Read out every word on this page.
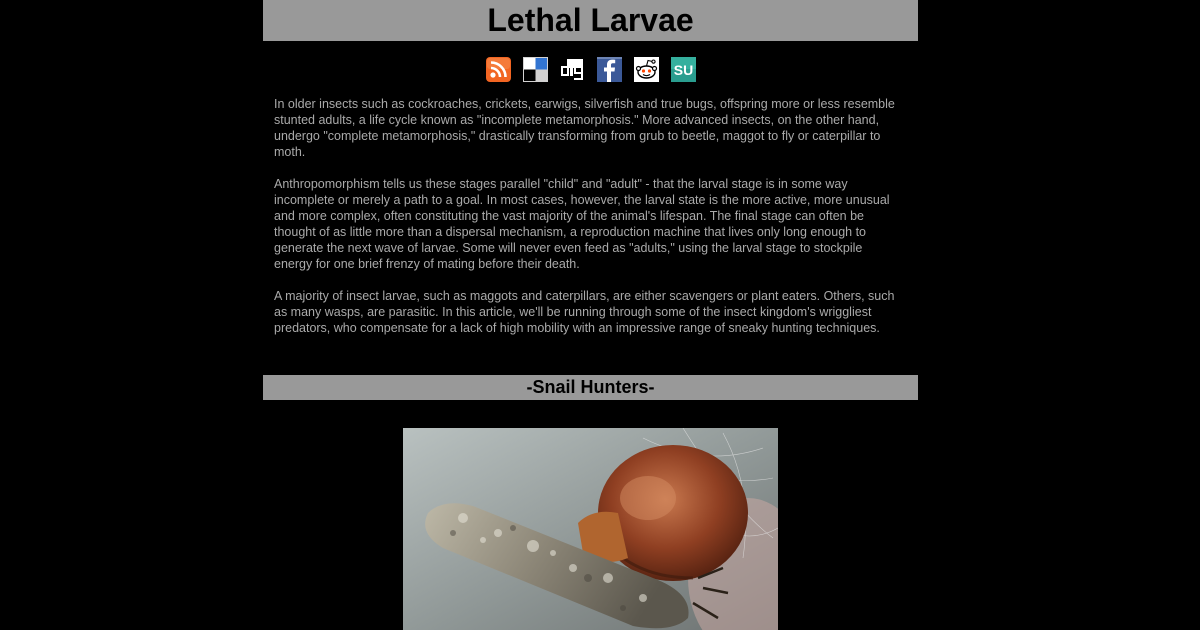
Lethal Larvae

SU

In older insects such as cockroaches, crickets, earwigs, silverfish and true bugs, offspring more or less resemble stunted adults, a life cycle known as "incomplete metamorphosis." More advanced insects, on the other hand, undergo "complete metamorphosis," drastically transforming from grub to beetle, maggot to fly or caterpillar to moth.

Anthropomorphism tells us these stages parallel "child" and "adult" - that the larval stage is in some way incomplete or merely a path to a goal. In most cases, however, the larval state is the more active, more unusual and more complex, often constituting the vast majority of the animal's lifespan. The final stage can often be thought of as little more than a dispersal mechanism, a reproduction machine that lives only long enough to generate the next wave of larvae. Some will never even feed as "adults," using the larval stage to stockpile energy for one brief frenzy of mating before their death.

A majority of insect larvae, such as maggots and caterpillars, are either scavengers or plant eaters. Others, such as many wasps, are parasitic. In this article, we'll be running through some of the insect kingdom's wriggliest predators, who compensate for a lack of high mobility with an impressive range of sneaky hunting techniques.

-Snail Hunters-
